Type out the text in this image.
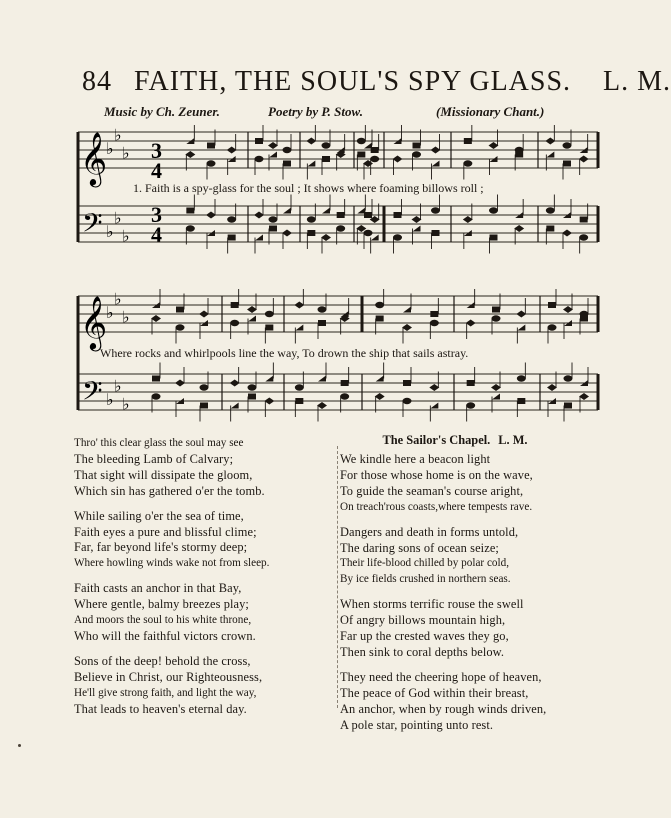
84 FAITH, THE SOUL'S SPY GLASS. L. M.
Music by Ch. Zeuner.	Poetry by P. Stow.	(Missionary Chant.)
3
4
3
4
𝄞
𝄢
♭
♭
♭
♭
♭
♭
1. Faith is a spy-glass for the soul ; It shows where foaming billows roll ;
𝄞
𝄢
♭
♭
♭
♭
♭
♭
Where rocks and whirlpools line the way, To drown the ship that sails astray.
Thro' this clear glass the soul may see
The bleeding Lamb of Calvary;
That sight will dissipate the gloom,
Which sin has gathered o'er the tomb.
While sailing o'er the sea of time,
Faith eyes a pure and blissful clime;
Far, far beyond life's stormy deep;
Where howling winds wake not from sleep.
Faith casts an anchor in that Bay,
Where gentle, balmy breezes play;
And moors the soul to his white throne,
Who will the faithful victors crown.
Sons of the deep! behold the cross,
Believe in Christ, our Righteousness,
He'll give strong faith, and light the way,
That leads to heaven's eternal day.
The Sailor's Chapel. L. M.
We kindle here a beacon light
For those whose home is on the wave,
To guide the seaman's course aright,
On treach'rous coasts,where tempests rave.
Dangers and death in forms untold,
The daring sons of ocean seize;
Their life-blood chilled by polar cold,
By ice fields crushed in northern seas.
When storms terrific rouse the swell
Of angry billows mountain high,
Far up the crested waves they go,
Then sink to coral depths below.
They need the cheering hope of heaven,
The peace of God within their breast,
An anchor, when by rough winds driven,
A pole star, pointing unto rest.
